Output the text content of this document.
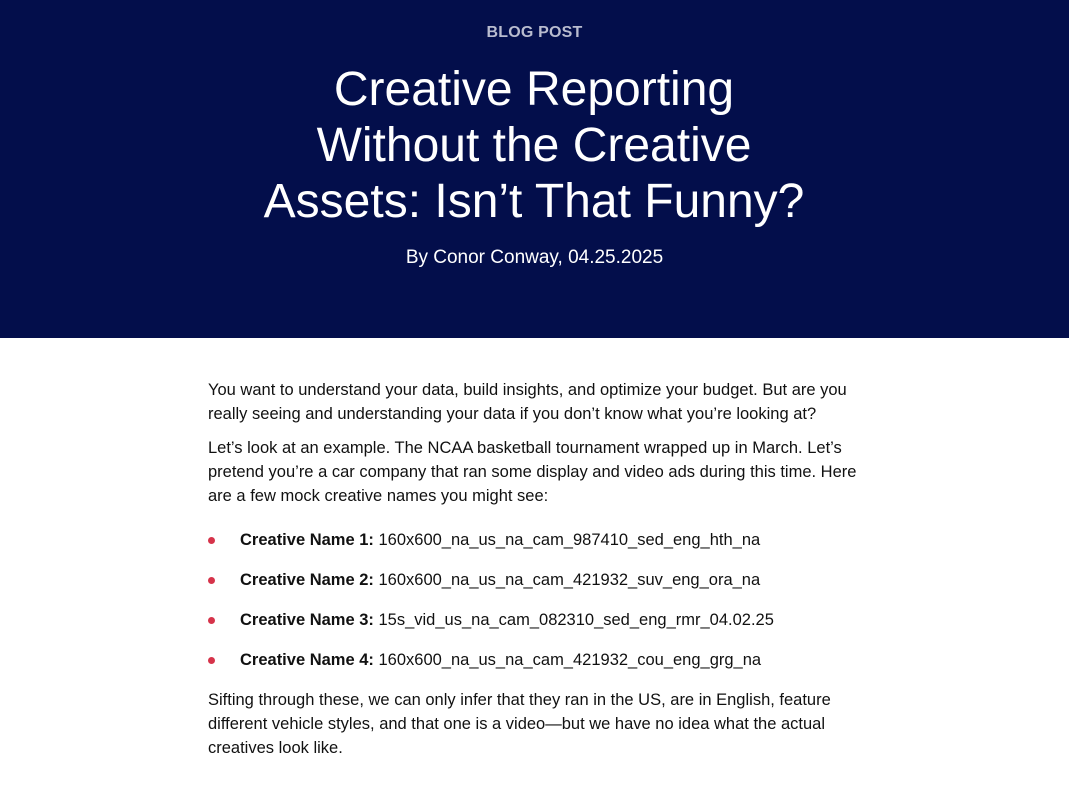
BLOG POST
Creative Reporting
Without the Creative
Assets: Isn’t That Funny?
By Conor Conway, 04.25.2025

You want to understand your data, build insights, and optimize your budget. But are you really seeing and understanding your data if you don’t know what you’re looking at?

Let’s look at an example. The NCAA basketball tournament wrapped up in March. Let’s pretend you’re a car company that ran some display and video ads during this time. Here are a few mock creative names you might see:

Creative Name 1: 160x600_na_us_na_cam_987410_sed_eng_hth_na
Creative Name 2: 160x600_na_us_na_cam_421932_suv_eng_ora_na
Creative Name 3: 15s_vid_us_na_cam_082310_sed_eng_rmr_04.02.25
Creative Name 4: 160x600_na_us_na_cam_421932_cou_eng_grg_na

Sifting through these, we can only infer that they ran in the US, are in English, feature different vehicle styles, and that one is a video—but we have no idea what the actual creatives look like.
